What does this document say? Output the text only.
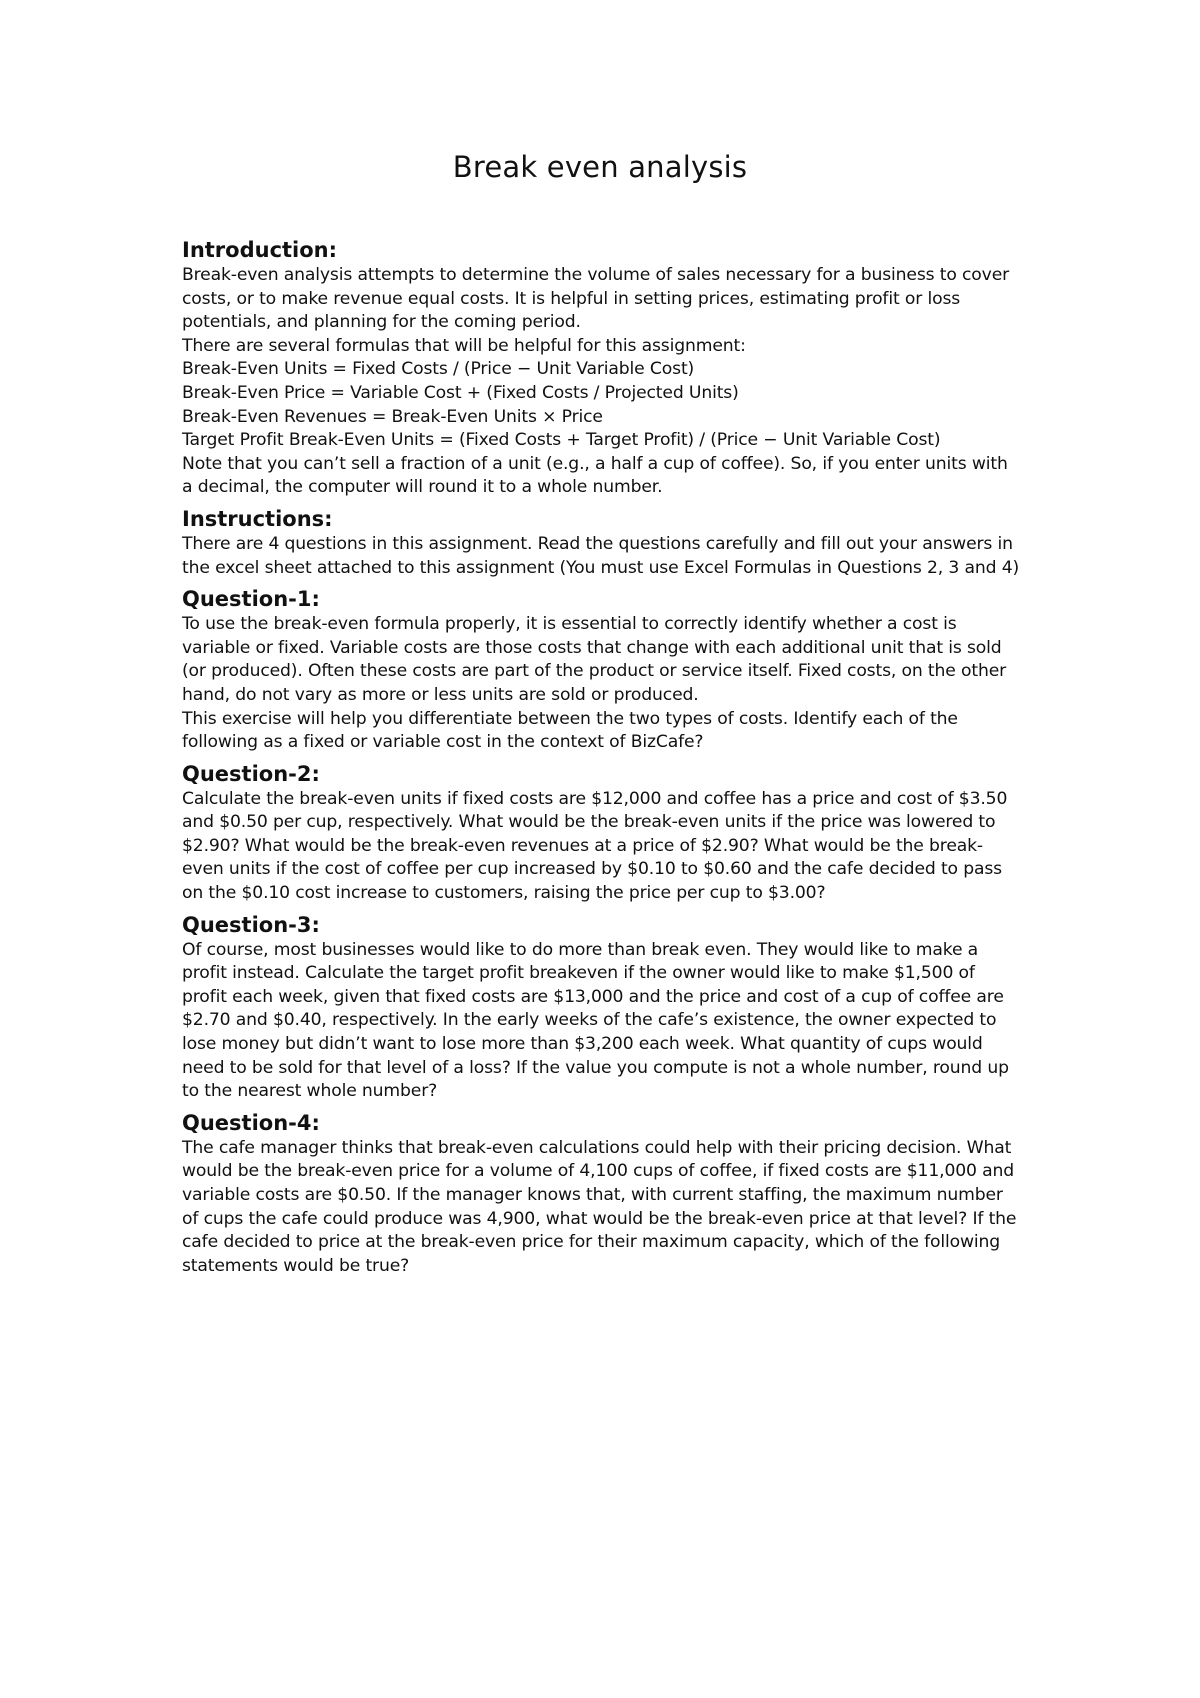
Break even analysis
Introduction:

Break-even analysis attempts to determine the volume of sales necessary for a business to cover costs, or to make revenue equal costs. It is helpful in setting prices, estimating profit or loss potentials, and planning for the coming period.

There are several formulas that will be helpful for this assignment:

Break-Even Units = Fixed Costs / (Price − Unit Variable Cost)

Break-Even Price = Variable Cost + (Fixed Costs / Projected Units)

Break-Even Revenues = Break-Even Units × Price

Target Profit Break-Even Units = (Fixed Costs + Target Profit) / (Price − Unit Variable Cost)

Note that you can’t sell a fraction of a unit (e.g., a half a cup of coffee). So, if you enter units with a decimal, the computer will round it to a whole number.

Instructions:

There are 4 questions in this assignment. Read the questions carefully and fill out your answers in the excel sheet attached to this assignment (You must use Excel Formulas in Questions 2, 3 and 4)

Question-1:

To use the break-even formula properly, it is essential to correctly identify whether a cost is variable or fixed. Variable costs are those costs that change with each additional unit that is sold (or produced). Often these costs are part of the product or service itself. Fixed costs, on the other hand, do not vary as more or less units are sold or produced.

This exercise will help you differentiate between the two types of costs. Identify each of the following as a fixed or variable cost in the context of BizCafe?

Question-2:

Calculate the break-even units if fixed costs are $12,000 and coffee has a price and cost of $3.50 and $0.50 per cup, respectively. What would be the break-even units if the price was lowered to $2.90? What would be the break-even revenues at a price of $2.90? What would be the break-even units if the cost of coffee per cup increased by $0.10 to $0.60 and the cafe decided to pass on the $0.10 cost increase to customers, raising the price per cup to $3.00?

Question-3:

Of course, most businesses would like to do more than break even. They would like to make a profit instead. Calculate the target profit breakeven if the owner would like to make $1,500 of profit each week, given that fixed costs are $13,000 and the price and cost of a cup of coffee are $2.70 and $0.40, respectively. In the early weeks of the cafe’s existence, the owner expected to lose money but didn’t want to lose more than $3,200 each week. What quantity of cups would need to be sold for that level of a loss? If the value you compute is not a whole number, round up to the nearest whole number?

Question-4:

The cafe manager thinks that break-even calculations could help with their pricing decision. What would be the break-even price for a volume of 4,100 cups of coffee, if fixed costs are $11,000 and variable costs are $0.50. If the manager knows that, with current staffing, the maximum number of cups the cafe could produce was 4,900, what would be the break-even price at that level? If the cafe decided to price at the break-even price for their maximum capacity, which of the following statements would be true?
